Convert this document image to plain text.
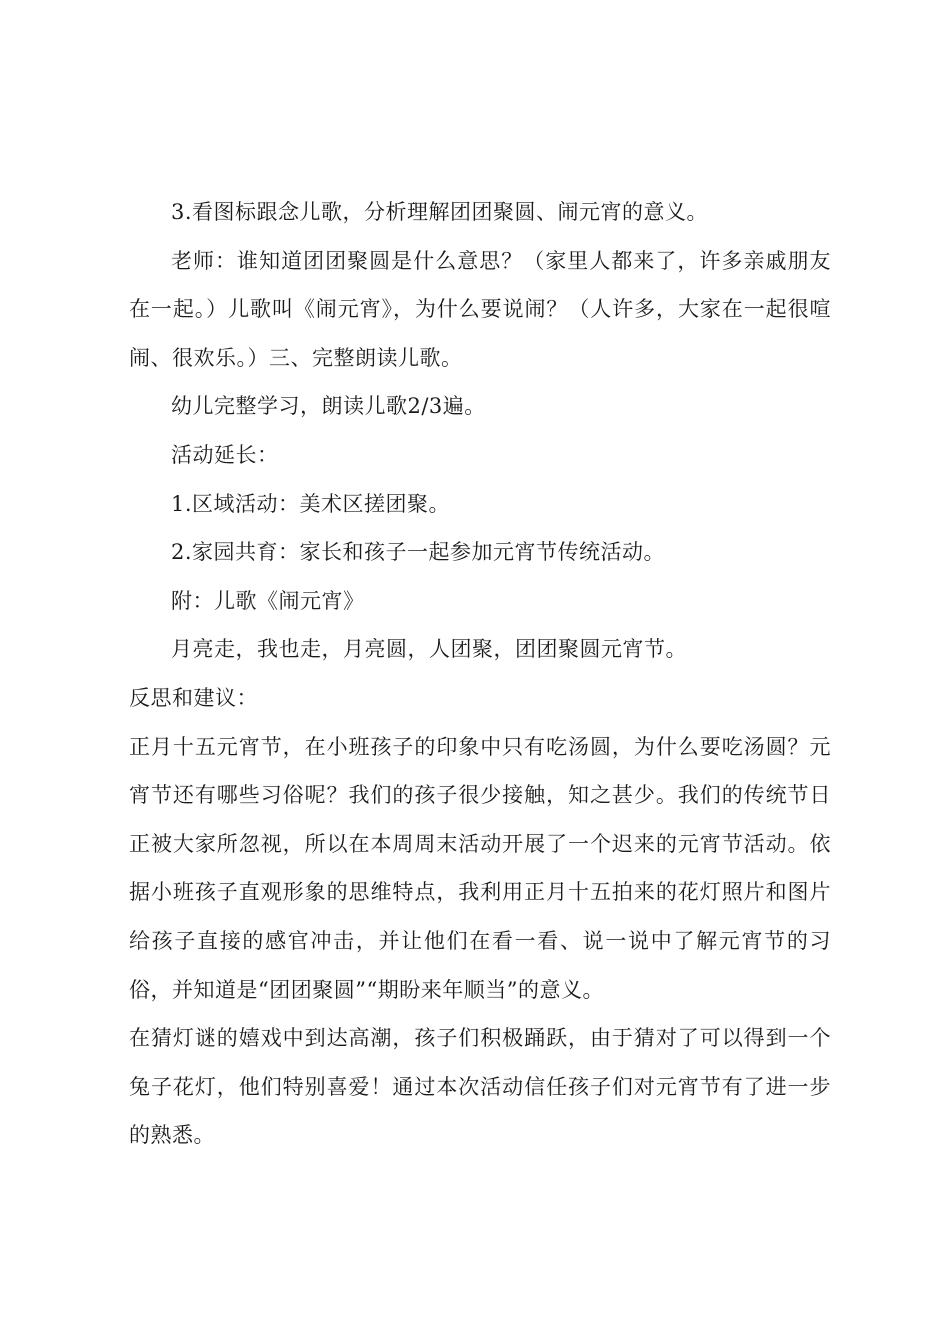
3.看图标跟念儿歌，分析理解团团聚圆、闹元宵的意义。

老师：谁知道团团聚圆是什么意思？（家里人都来了，许多亲戚朋友在一起。）儿歌叫《闹元宵》，为什么要说闹？（人许多，大家在一起很喧闹、很欢乐。）三、完整朗读儿歌。

幼儿完整学习，朗读儿歌2/3遍。

活动延长：

1.区域活动：美术区搓团聚。

2.家园共育：家长和孩子一起参加元宵节传统活动。

附：儿歌《闹元宵》

月亮走，我也走，月亮圆，人团聚，团团聚圆元宵节。

反思和建议：

正月十五元宵节，在小班孩子的印象中只有吃汤圆，为什么要吃汤圆？元宵节还有哪些习俗呢？我们的孩子很少接触，知之甚少。我们的传统节日正被大家所忽视，所以在本周周末活动开展了一个迟来的元宵节活动。依据小班孩子直观形象的思维特点，我利用正月十五拍来的花灯照片和图片给孩子直接的感官冲击，并让他们在看一看、说一说中了解元宵节的习俗，并知道是“团团聚圆”“期盼来年顺当”的意义。

在猜灯谜的嬉戏中到达高潮，孩子们积极踊跃，由于猜对了可以得到一个兔子花灯，他们特别喜爱！通过本次活动信任孩子们对元宵节有了进一步的熟悉。
